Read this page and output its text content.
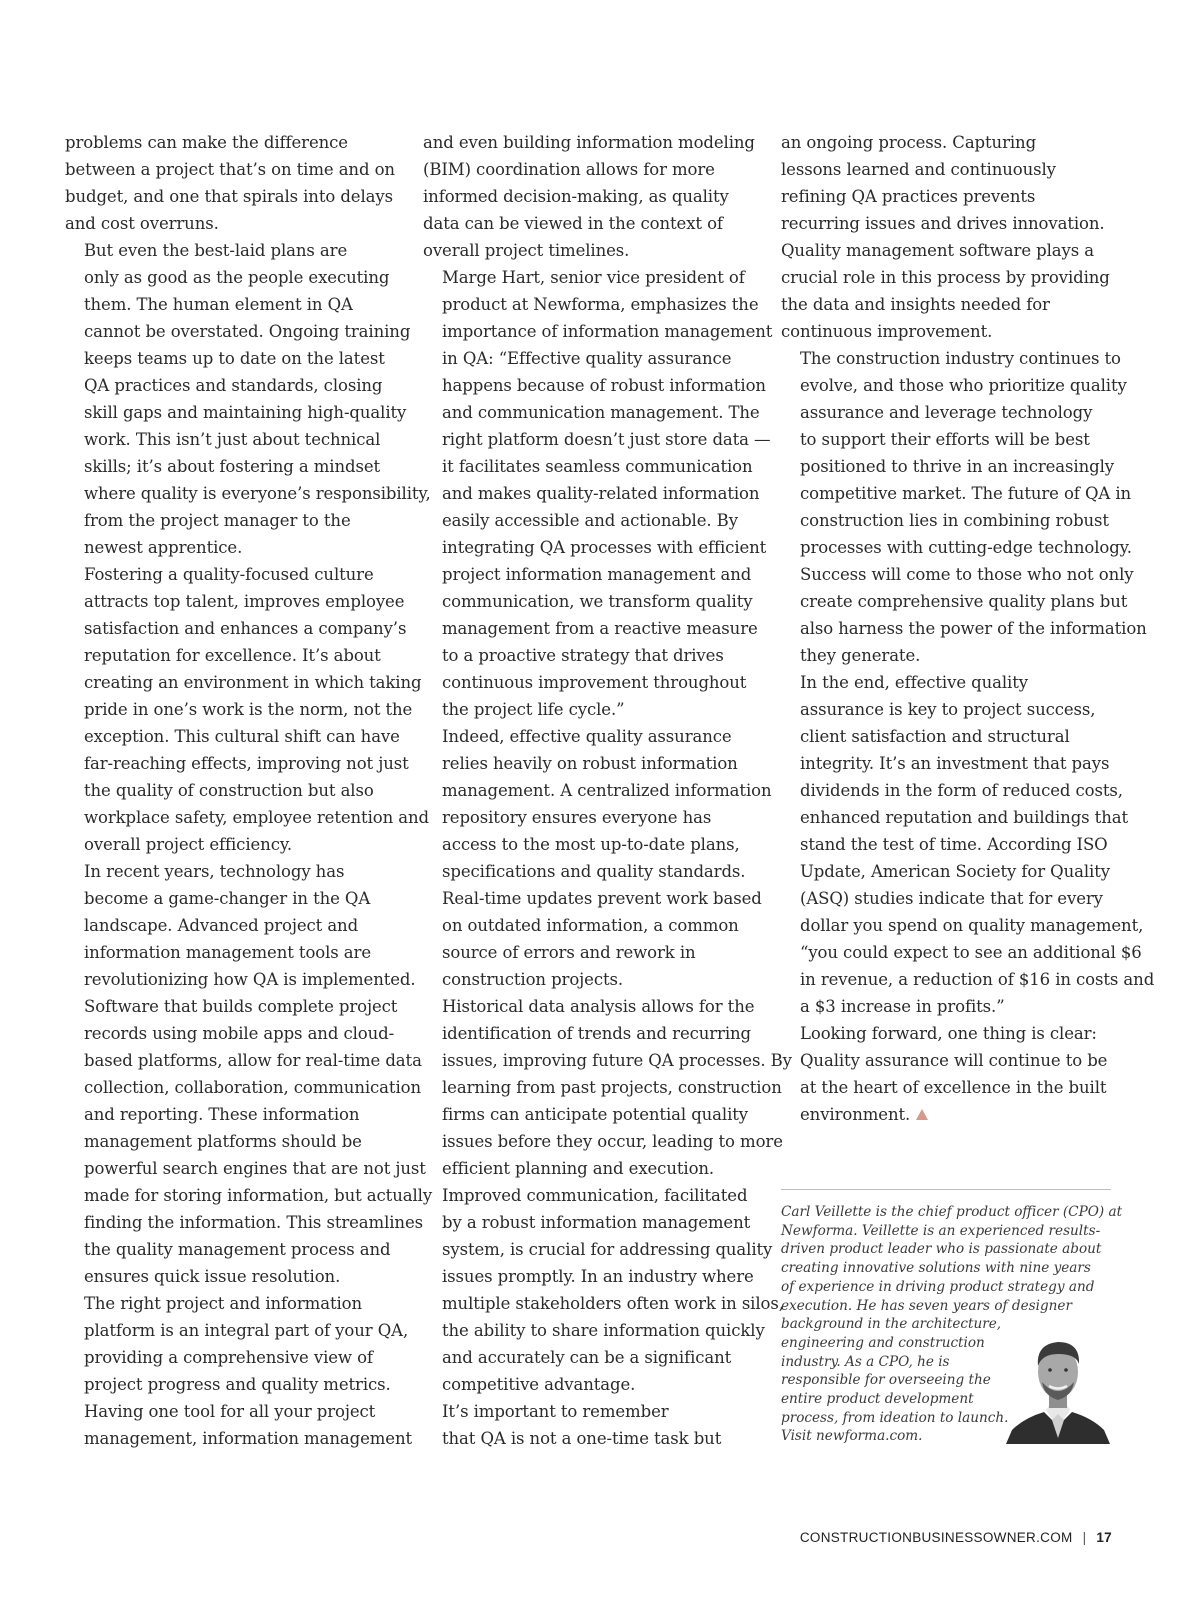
problems can make the difference
between a project that’s on time and on
budget, and one that spirals into delays
and cost overruns.

But even the best-laid plans are
only as good as the people executing
them. The human element in QA
cannot be overstated. Ongoing training
keeps teams up to date on the latest
QA practices and standards, closing
skill gaps and maintaining high-quality
work. This isn’t just about technical
skills; it’s about fostering a mindset
where quality is everyone’s responsibility,
from the project manager to the
newest apprentice.

Fostering a quality-focused culture
attracts top talent, improves employee
satisfaction and enhances a company’s
reputation for excellence. It’s about
creating an environment in which taking
pride in one’s work is the norm, not the
exception. This cultural shift can have
far-reaching effects, improving not just
the quality of construction but also
workplace safety, employee retention and
overall project efficiency.

In recent years, technology has
become a game-changer in the QA
landscape. Advanced project and
information management tools are
revolutionizing how QA is implemented.
Software that builds complete project
records using mobile apps and cloud-
based platforms, allow for real-time data
collection, collaboration, communication
and reporting. These information
management platforms should be
powerful search engines that are not just
made for storing information, but actually
finding the information. This streamlines
the quality management process and
ensures quick issue resolution.

The right project and information
platform is an integral part of your QA,
providing a comprehensive view of
project progress and quality metrics.
Having one tool for all your project
management, information management

and even building information modeling
(BIM) coordination allows for more
informed decision-making, as quality
data can be viewed in the context of
overall project timelines.

Marge Hart, senior vice president of
product at Newforma, emphasizes the
importance of information management
in QA: “Effective quality assurance
happens because of robust information
and communication management. The
right platform doesn’t just store data —
it facilitates seamless communication
and makes quality-related information
easily accessible and actionable. By
integrating QA processes with efficient
project information management and
communication, we transform quality
management from a reactive measure
to a proactive strategy that drives
continuous improvement throughout
the project life cycle.”

Indeed, effective quality assurance
relies heavily on robust information
management. A centralized information
repository ensures everyone has
access to the most up-to-date plans,
specifications and quality standards.
Real-time updates prevent work based
on outdated information, a common
source of errors and rework in
construction projects.

Historical data analysis allows for the
identification of trends and recurring
issues, improving future QA processes. By
learning from past projects, construction
firms can anticipate potential quality
issues before they occur, leading to more
efficient planning and execution.

Improved communication, facilitated
by a robust information management
system, is crucial for addressing quality
issues promptly. In an industry where
multiple stakeholders often work in silos,
the ability to share information quickly
and accurately can be a significant
competitive advantage.

It’s important to remember
that QA is not a one-time task but

an ongoing process. Capturing
lessons learned and continuously
refining QA practices prevents
recurring issues and drives innovation.
Quality management software plays a
crucial role in this process by providing
the data and insights needed for
continuous improvement.

The construction industry continues to
evolve, and those who prioritize quality
assurance and leverage technology
to support their efforts will be best
positioned to thrive in an increasingly
competitive market. The future of QA in
construction lies in combining robust
processes with cutting-edge technology.
Success will come to those who not only
create comprehensive quality plans but
also harness the power of the information
they generate.

In the end, effective quality
assurance is key to project success,
client satisfaction and structural
integrity. It’s an investment that pays
dividends in the form of reduced costs,
enhanced reputation and buildings that
stand the test of time. According ISO
Update, American Society for Quality
(ASQ) studies indicate that for every
dollar you spend on quality management,
“you could expect to see an additional $6
in revenue, a reduction of $16 in costs and
a $3 increase in profits.”

Looking forward, one thing is clear:
Quality assurance will continue to be
at the heart of excellence in the built
environment.

Carl Veillette is the chief product officer (CPO) at
Newforma. Veillette is an experienced results-
driven product leader who is passionate about
creating innovative solutions with nine years
of experience in driving product strategy and
execution. He has seven years of designer
background in the architecture,
engineering and construction
industry. As a CPO, he is
responsible for overseeing the
entire product development
process, from ideation to launch.
Visit newforma.com.
CONSTRUCTIONBUSINESSOWNER.COM | 17
